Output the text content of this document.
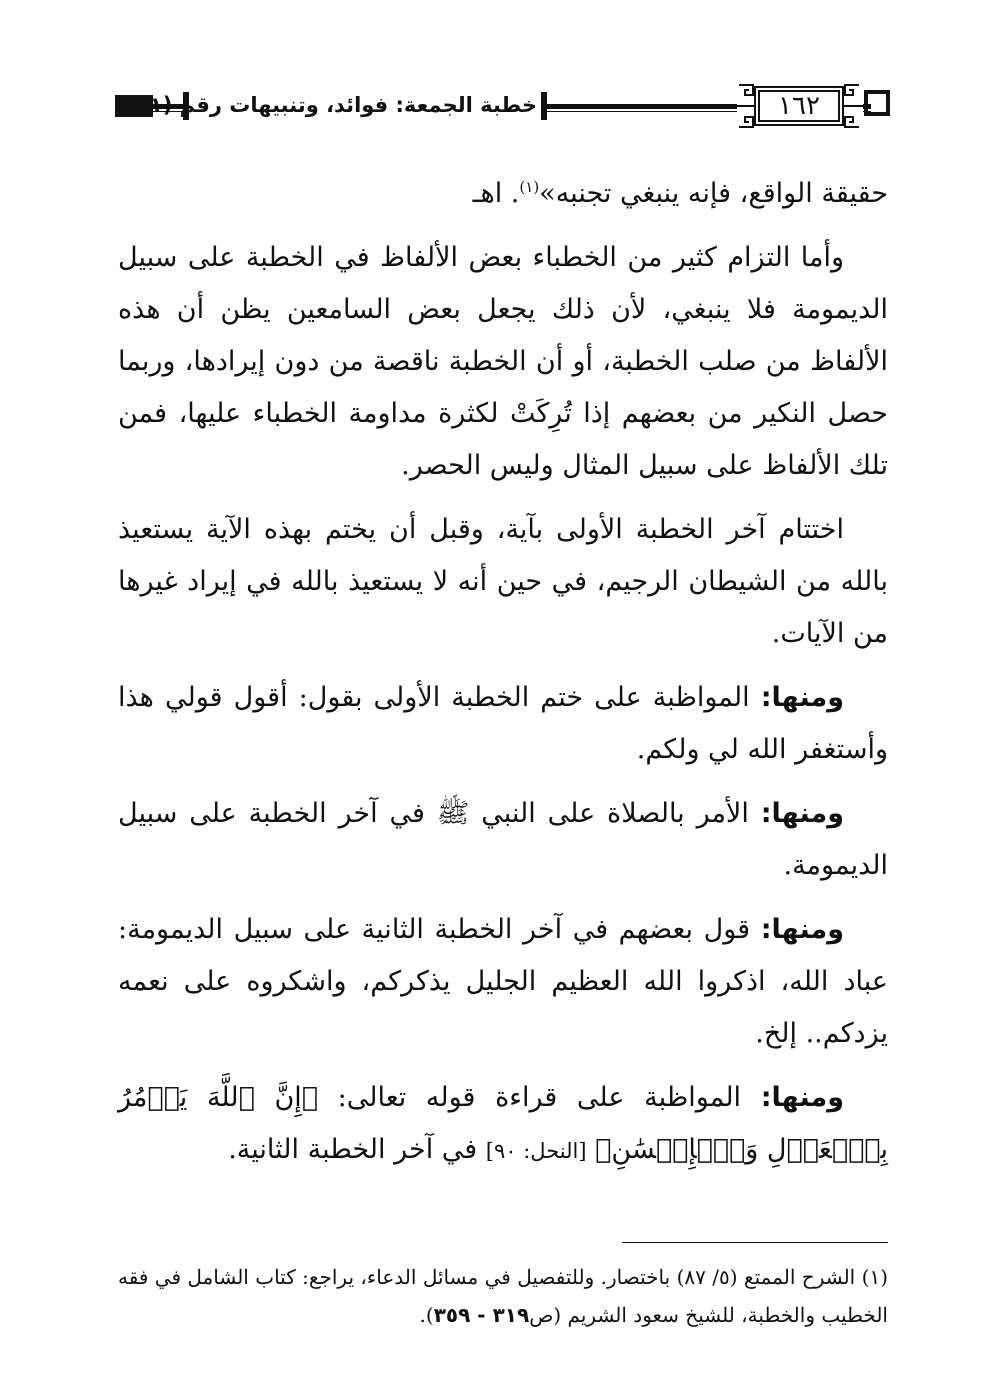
خطبة الجمعة: فوائد، وتنبيهات رقم (١)	١٦٢

حقيقة الواقع، فإنه ينبغي تجنبه»$^{(١)}$. اهـ

وأما التزام كثير من الخطباء بعض الألفاظ في الخطبة على سبيل الديمومة فلا ينبغي، لأن ذلك يجعل بعض السامعين يظن أن هذه الألفاظ من صلب الخطبة، أو أن الخطبة ناقصة من دون إيرادها، وربما حصل النكير من بعضهم إذا تُرِكَتْ لكثرة مداومة الخطباء عليها، فمن تلك الألفاظ على سبيل المثال وليس الحصر.

اختتام آخر الخطبة الأولى بآية، وقبل أن يختم بهذه الآية يستعيذ بالله من الشيطان الرجيم، في حين أنه لا يستعيذ بالله في إيراد غيرها من الآيات.

ومنها: المواظبة على ختم الخطبة الأولى بقول: أقول قولي هذا وأستغفر الله لي ولكم.

ومنها: الأمر بالصلاة على النبي ﷺ في آخر الخطبة على سبيل الديمومة.

ومنها: قول بعضهم في آخر الخطبة الثانية على سبيل الديمومة: عباد الله، اذكروا الله العظيم الجليل يذكركم، واشكروه على نعمه يزدكم.. إلخ.

ومنها: المواظبة على قراءة قوله تعالى: ﴿إِنَّ ٱللَّهَ يَأۡمُرُ بِٱلۡعَدۡلِ وَٱلۡإِحۡسَٰنِ﴾ [النحل: ٩٠] في آخر الخطبة الثانية.

(١) الشرح الممتع (٥/ ٨٧) باختصار. وللتفصيل في مسائل الدعاء، يراجع: كتاب الشامل في فقه الخطيب والخطبة، للشيخ سعود الشريم (ص٣١٩ - ٣٥٩).
